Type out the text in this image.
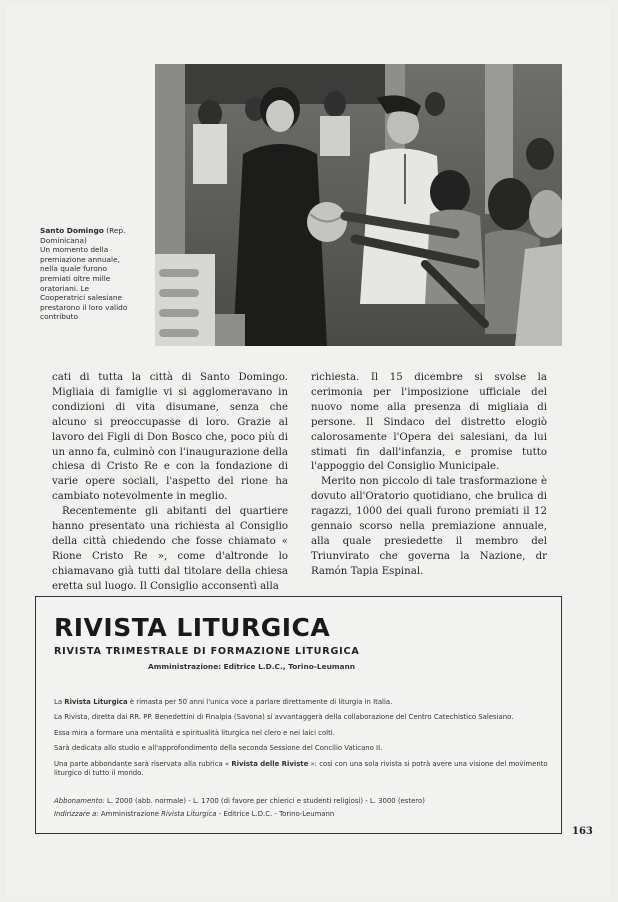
Santo Domingo (Rep. Dominicana)

Un momento della premiazione annuale, nella quale furono premiati oltre mille oratoriani. Le Cooperatrici salesiane prestarono il loro valido contributo

cati di tutta la città di Santo Domingo. Migliaia di famiglie vi si agglomeravano in condizioni di vita disumane, senza che alcuno si preoccupasse di loro. Grazie al lavoro dei Figli di Don Bosco che, poco più di un anno fa, culminò con l'inaugurazione della chiesa di Cristo Re e con la fondazione di varie opere sociali, l'aspetto del rione ha cambiato notevolmente in meglio.

Recentemente gli abitanti del quartiere hanno presentato una richiesta al Consiglio della città chiedendo che fosse chiamato « Rione Cristo Re », come d'altronde lo chiamavano già tutti dal titolare della chiesa eretta sul luogo. Il Consiglio acconsentì alla

richiesta. Il 15 dicembre si svolse la cerimonia per l'imposizione ufficiale del nuovo nome alla presenza di migliaia di persone. Il Sindaco del distretto elogiò calorosamente l'Opera dei salesiani, da lui stimati fin dall'infanzia, e promise tutto l'appoggio del Consiglio Municipale.

Merito non piccolo di tale trasformazione è dovuto all'Oratorio quotidiano, che brulica di ragazzi, 1000 dei quali furono premiati il 12 gennaio scorso nella premiazione annuale, alla quale presiedette il membro del Triunvirato che governa la Nazione, dr Ramón Tapia Espinal.

RIVISTA LITURGICA
RIVISTA TRIMESTRALE DI FORMAZIONE LITURGICA
Amministrazione: Editrice L.D.C., Torino-Leumann

La Rivista Liturgica è rimasta per 50 anni l'unica voce a parlare direttamente di liturgia in Italia.

La Rivista, diretta dai RR. PP. Benedettini di Finalpia (Savona) si avvantaggerà della collaborazione del Centro Catechistico Salesiano.

Essa mira a formare una mentalità e spiritualità liturgica nel clero e nei laici colti.

Sarà dedicata allo studio e all'approfondimento della seconda Sessione del Concilio Vaticano II.

Una parte abbondante sarà riservata alla rubrica « Rivista delle Riviste »: così con una sola rivista si potrà avere una visione del movimento liturgico di tutto il mondo.

Abbonamento: L. 2000 (abb. normale) - L. 1700 (di favore per chierici e studenti religiosi) - L. 3000 (estero)
Indirizzare a: Amministrazione Rivista Liturgica - Editrice L.D.C. - Torino-Leumann
163
